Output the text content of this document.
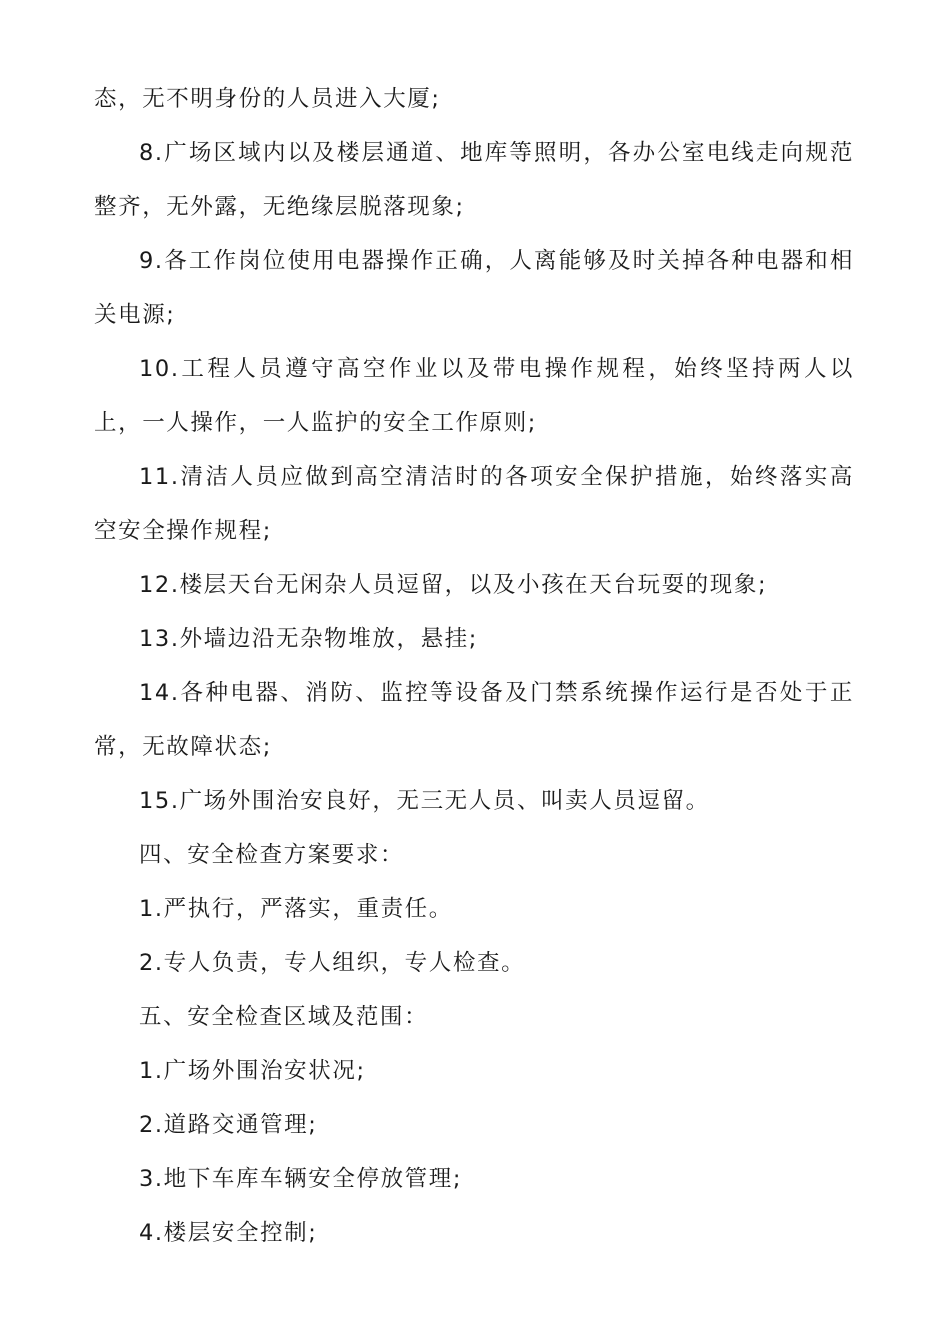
态，无不明身份的人员进入大厦;

8.广场区域内以及楼层通道、地库等照明，各办公室电线走向规范整齐，无外露，无绝缘层脱落现象;

9.各工作岗位使用电器操作正确，人离能够及时关掉各种电器和相关电源;

10.工程人员遵守高空作业以及带电操作规程，始终坚持两人以上，一人操作，一人监护的安全工作原则;

11.清洁人员应做到高空清洁时的各项安全保护措施，始终落实高空安全操作规程;

12.楼层天台无闲杂人员逗留，以及小孩在天台玩耍的现象;

13.外墙边沿无杂物堆放，悬挂;

14.各种电器、消防、监控等设备及门禁系统操作运行是否处于正常，无故障状态;

15.广场外围治安良好，无三无人员、叫卖人员逗留。

四、安全检查方案要求：

1.严执行，严落实，重责任。

2.专人负责，专人组织，专人检查。

五、安全检查区域及范围：

1.广场外围治安状况;

2.道路交通管理;

3.地下车库车辆安全停放管理;

4.楼层安全控制;
